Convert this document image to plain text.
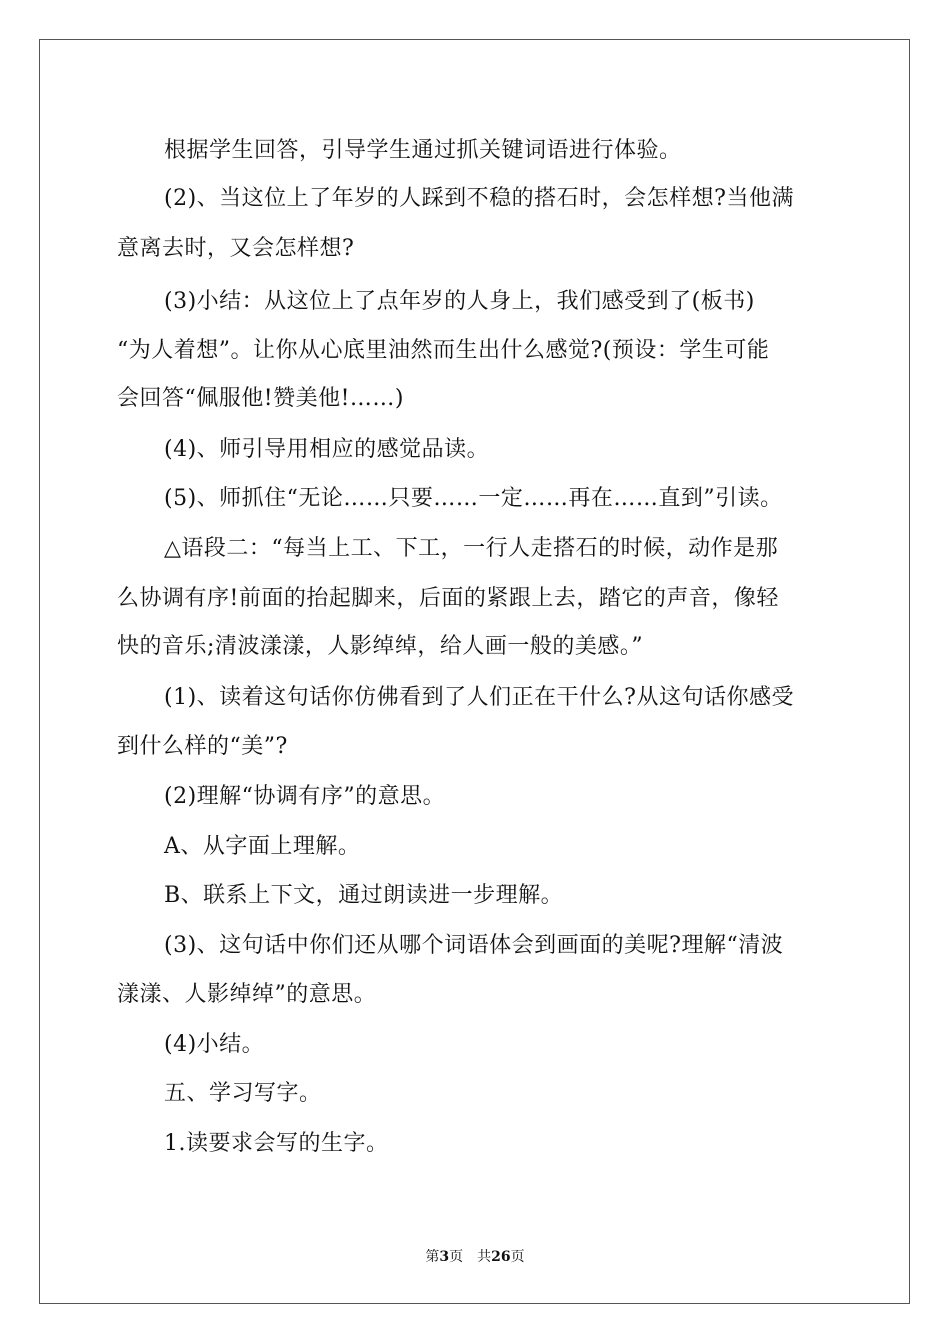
根据学生回答，引导学生通过抓关键词语进行体验。
(2)、当这位上了年岁的人踩到不稳的搭石时，会怎样想?当他满
意离去时，又会怎样想?
(3)小结：从这位上了点年岁的人身上，我们感受到了(板书)
“为人着想”。让你从心底里油然而生出什么感觉?(预设：学生可能
会回答“佩服他!赞美他!……)
(4)、师引导用相应的感觉品读。
(5)、师抓住“无论……只要……一定……再在……直到”引读。
△语段二：“每当上工、下工，一行人走搭石的时候，动作是那
么协调有序!前面的抬起脚来，后面的紧跟上去，踏它的声音，像轻
快的音乐;清波漾漾，人影绰绰，给人画一般的美感。”
(1)、读着这句话你仿佛看到了人们正在干什么?从这句话你感受
到什么样的“美”?
(2)理解“协调有序”的意思。
A、从字面上理解。
B、联系上下文，通过朗读进一步理解。
(3)、这句话中你们还从哪个词语体会到画面的美呢?理解“清波
漾漾、人影绰绰”的意思。
(4)小结。
五、学习写字。
1.读要求会写的生字。
第3页　共26页
